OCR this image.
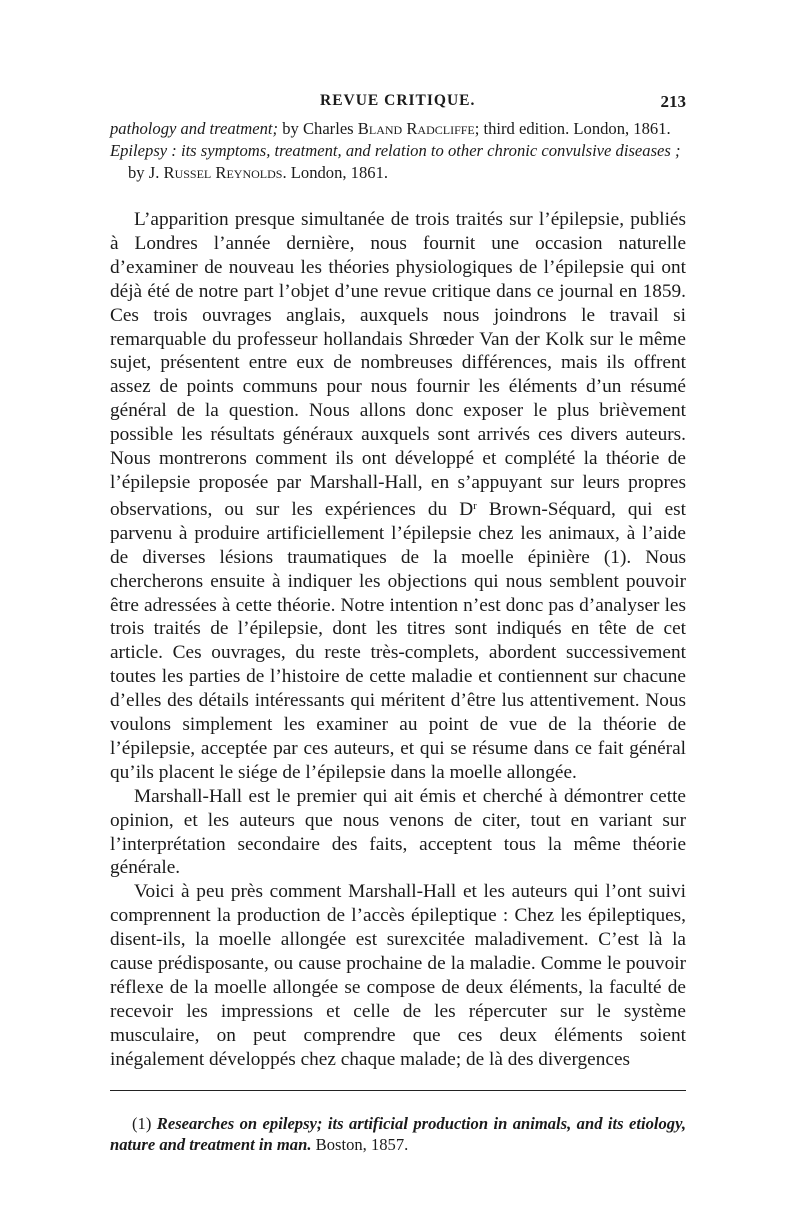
REVUE CRITIQUE.	213

pathology and treatment; by Charles Bland Radcliffe; third edition. London, 1861.

Epilepsy : its symptoms, treatment, and relation to other chronic convulsive diseases ; by J. Russel Reynolds. London, 1861.

L’apparition presque simultanée de trois traités sur l’épilepsie, publiés à Londres l’année dernière, nous fournit une occasion naturelle d’examiner de nouveau les théories physiologiques de l’épilepsie qui ont déjà été de notre part l’objet d’une revue critique dans ce journal en 1859. Ces trois ouvrages anglais, auxquels nous joindrons le travail si remarquable du professeur hollandais Shrœder Van der Kolk sur le même sujet, présentent entre eux de nombreuses différences, mais ils offrent assez de points communs pour nous fournir les éléments d’un résumé général de la question. Nous allons donc exposer le plus brièvement possible les résultats généraux auxquels sont arrivés ces divers auteurs. Nous montrerons comment ils ont développé et complété la théorie de l’épilepsie proposée par Marshall-Hall, en s’appuyant sur leurs propres observations, ou sur les expériences du $D^r$ Brown-Séquard, qui est parvenu à produire artificiellement l’épilepsie chez les animaux, à l’aide de diverses lésions traumatiques de la moelle épinière (1). Nous chercherons ensuite à indiquer les objections qui nous semblent pouvoir être adressées à cette théorie. Notre intention n’est donc pas d’analyser les trois traités de l’épilepsie, dont les titres sont indiqués en tête de cet article. Ces ouvrages, du reste très-complets, abordent successivement toutes les parties de l’histoire de cette maladie et contiennent sur chacune d’elles des détails intéressants qui méritent d’être lus attentivement. Nous voulons simplement les examiner au point de vue de la théorie de l’épilepsie, acceptée par ces auteurs, et qui se résume dans ce fait général qu’ils placent le siége de l’épilepsie dans la moelle allongée.

Marshall-Hall est le premier qui ait émis et cherché à démontrer cette opinion, et les auteurs que nous venons de citer, tout en variant sur l’interprétation secondaire des faits, acceptent tous la même théorie générale.

Voici à peu près comment Marshall-Hall et les auteurs qui l’ont suivi comprennent la production de l’accès épileptique : Chez les épileptiques, disent-ils, la moelle allongée est surexcitée maladivement. C’est là la cause prédisposante, ou cause prochaine de la maladie. Comme le pouvoir réflexe de la moelle allongée se compose de deux éléments, la faculté de recevoir les impressions et celle de les répercuter sur le système musculaire, on peut comprendre que ces deux éléments soient inégalement développés chez chaque malade; de là des divergences

(1) Researches on epilepsy; its artificial production in animals, and its etiology, nature and treatment in man. Boston, 1857.
